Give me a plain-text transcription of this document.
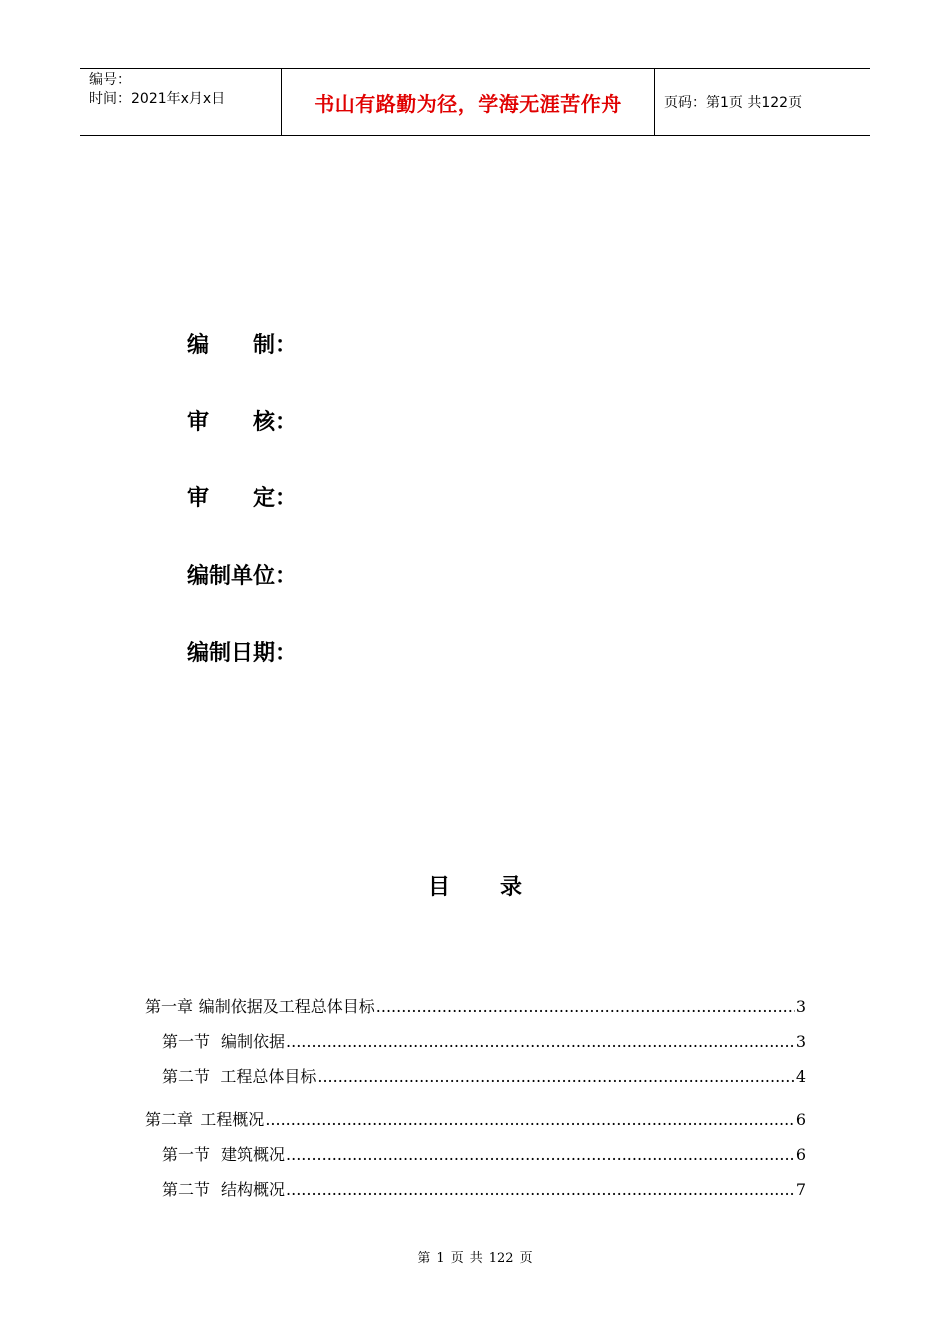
编号：
时间：2021年x月x日	书山有路勤为径，学海无涯苦作舟	页码：第1页 共122页
编 制：
审 核：
审 定：
编制单位：
编制日期：
目 录
第一章 编制依据及工程总体目标 .....	3
第一节 编制依据 .....	3
第二节 工程总体目标 .....	4
第二章 工程概况 .....	6
第一节 建筑概况 .....	6
第二节 结构概况 .....	7
第 1 页 共 122 页
